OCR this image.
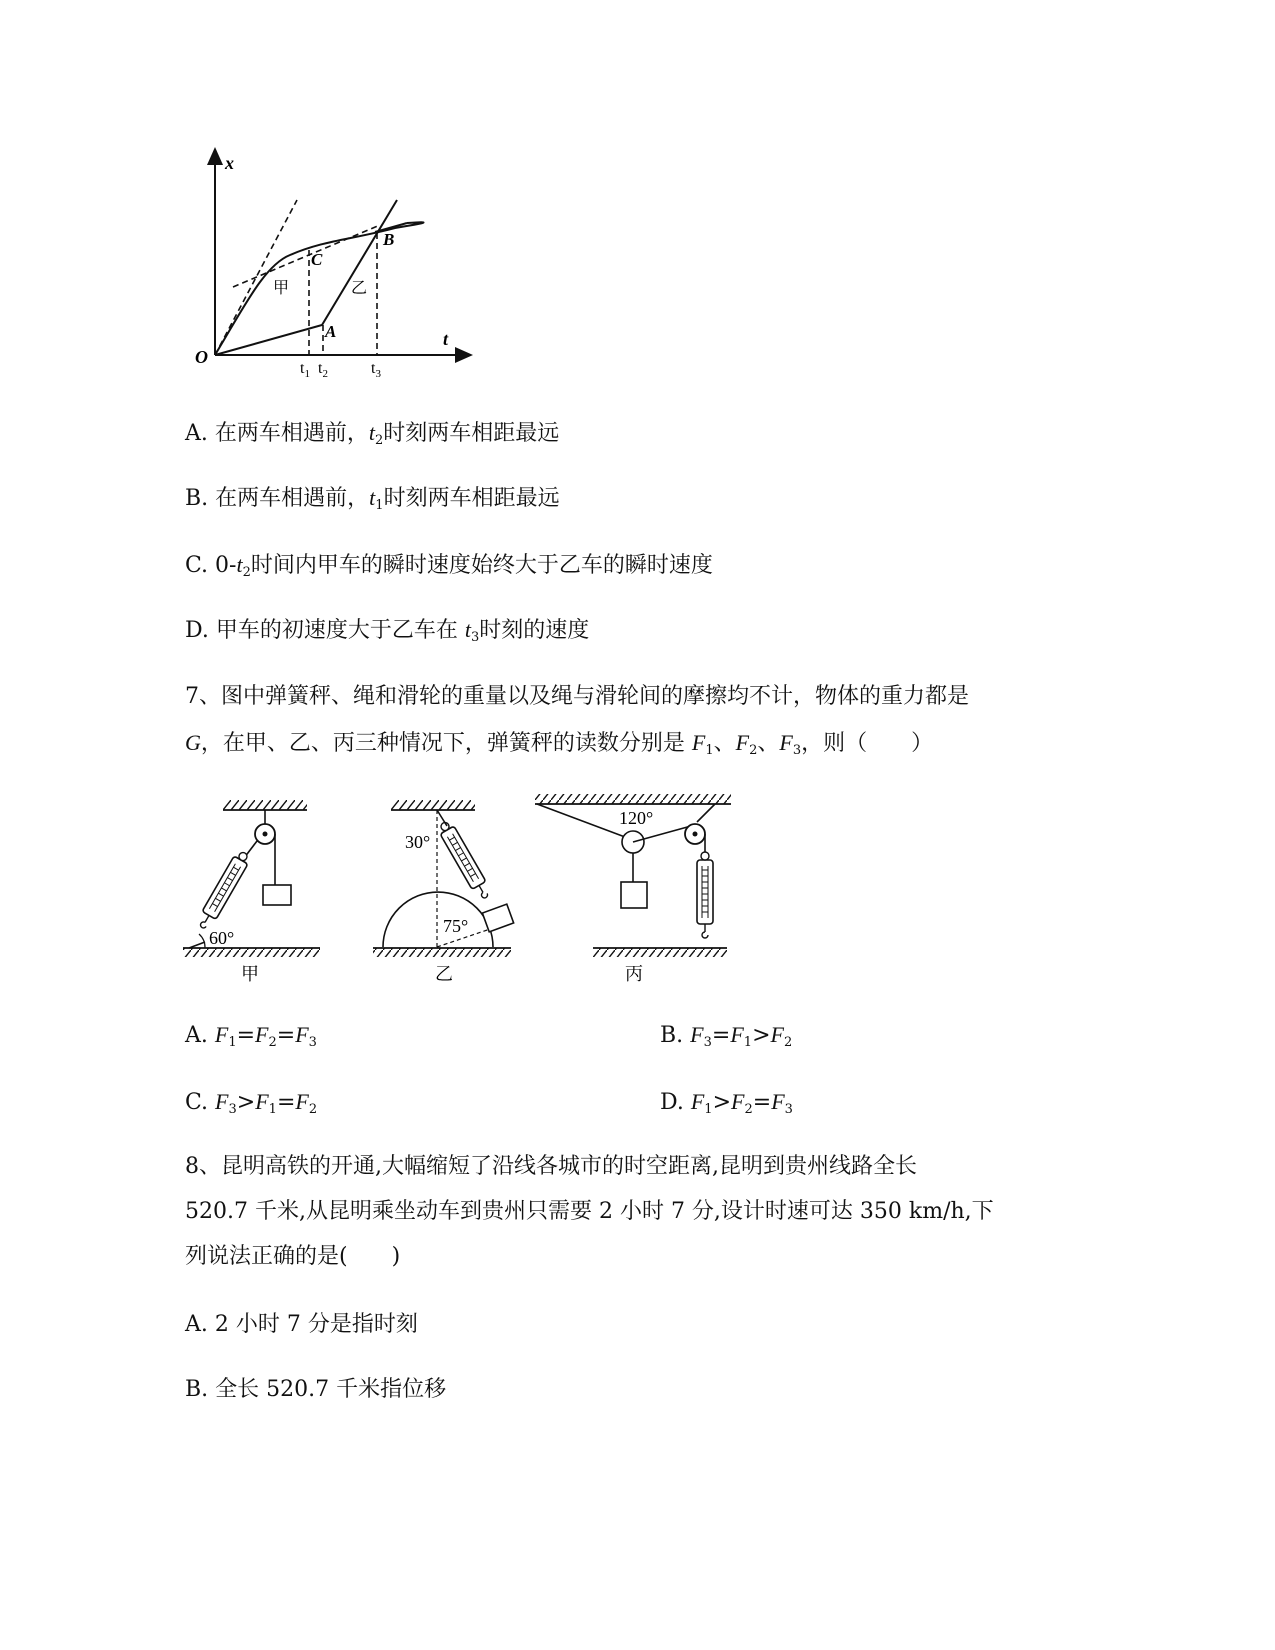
x
t
O
C
A
B
甲	乙
$t_1$ $t_2$	$t_3$
A. 在两车相遇前，$t_2$时刻两车相距最远
B. 在两车相遇前，$t_1$时刻两车相距最远
C. $0-t_2$时间内甲车的瞬时速度始终大于乙车的瞬时速度
D. 甲车的初速度大于乙车在 $t_3$时刻的速度
7、图中弹簧秤、绳和滑轮的重量以及绳与滑轮间的摩擦均不计，物体的重力都是
G，在甲、乙、丙三种情况下，弹簧秤的读数分别是 $F_1$、$F_2$、$F_3$，则（　　）
60°
甲
30°
75°
乙
120°
丙
A. $F_1=F_2=F_3$	B. $F_3=F_1>F_2$
C. $F_3>F_1=F_2$	D. $F_1>F_2=F_3$
8、昆明高铁的开通,大幅缩短了沿线各城市的时空距离,昆明到贵州线路全长
520.7 千米,从昆明乘坐动车到贵州只需要 2 小时 7 分,设计时速可达 350 km/h,下
列说法正确的是(　　)
A. 2 小时 7 分是指时刻
B. 全长 520.7 千米指位移
